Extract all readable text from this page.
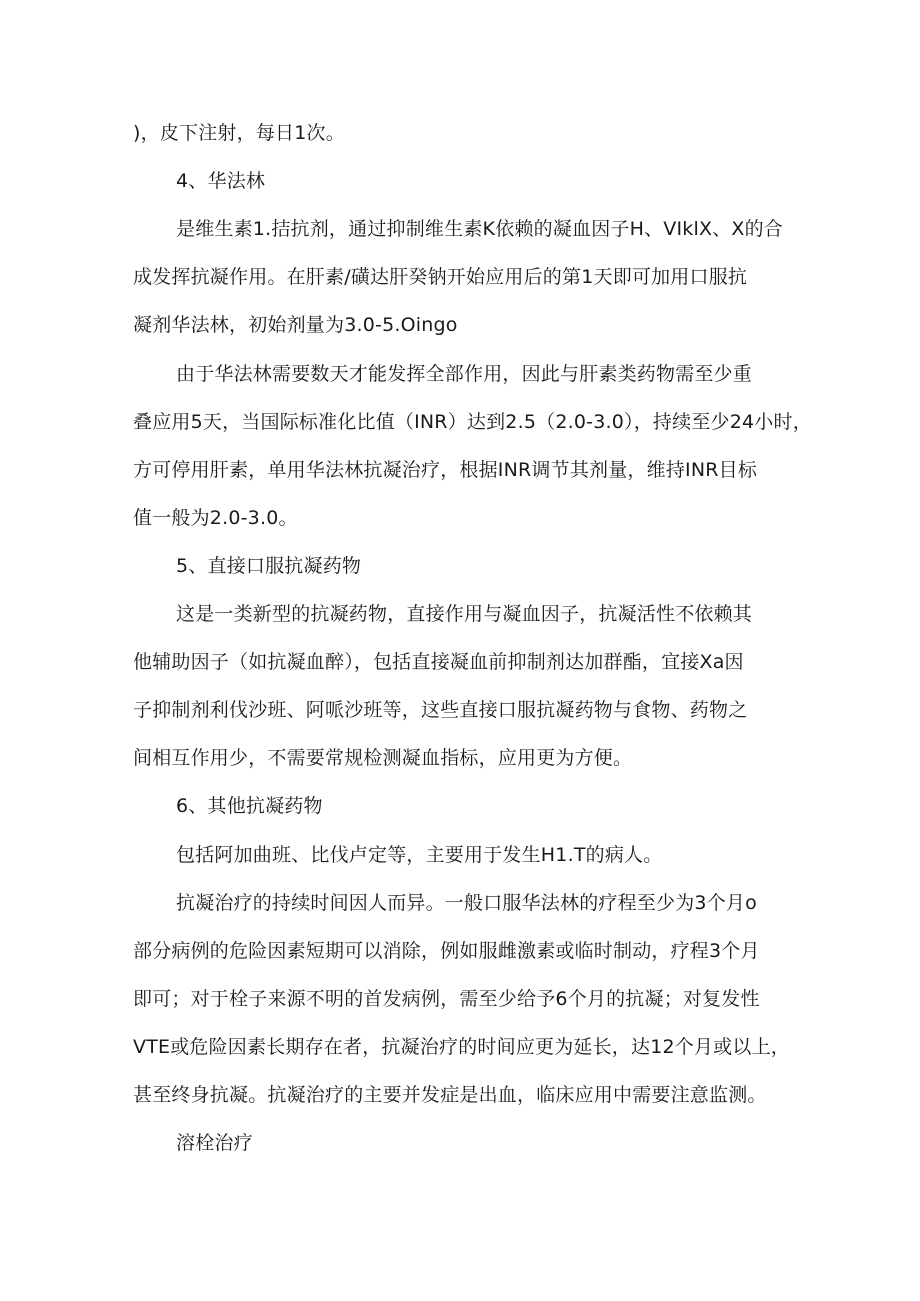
)，皮下注射，每日1次。
4、华法林
是维生素1.拮抗剂，通过抑制维生素K依赖的凝血因子H、VIklX、X的合
成发挥抗凝作用。在肝素/磺达肝癸钠开始应用后的第1天即可加用口服抗
凝剂华法林，初始剂量为3.0-5.Oingo
由于华法林需要数天才能发挥全部作用，因此与肝素类药物需至少重
叠应用5天，当国际标准化比值（INR）达到2.5（2.0-3.0），持续至少24小时，
方可停用肝素，单用华法林抗凝治疗，根据INR调节其剂量，维持INR目标
值一般为2.0-3.0。
5、直接口服抗凝药物
这是一类新型的抗凝药物，直接作用与凝血因子，抗凝活性不依赖其
他辅助因子（如抗凝血醉），包括直接凝血前抑制剂达加群酯，宜接Xa因
子抑制剂利伐沙班、阿哌沙班等，这些直接口服抗凝药物与食物、药物之
间相互作用少，不需要常规检测凝血指标，应用更为方便。
6、其他抗凝药物
包括阿加曲班、比伐卢定等，主要用于发生H1.T的病人。
抗凝治疗的持续时间因人而异。一般口服华法林的疗程至少为3个月o
部分病例的危险因素短期可以消除，例如服雌激素或临时制动，疗程3个月
即可；对于栓子来源不明的首发病例，需至少给予6个月的抗凝；对复发性
VTE或危险因素长期存在者，抗凝治疗的时间应更为延长，达12个月或以上，
甚至终身抗凝。抗凝治疗的主要并发症是出血，临床应用中需要注意监测。
溶栓治疗
